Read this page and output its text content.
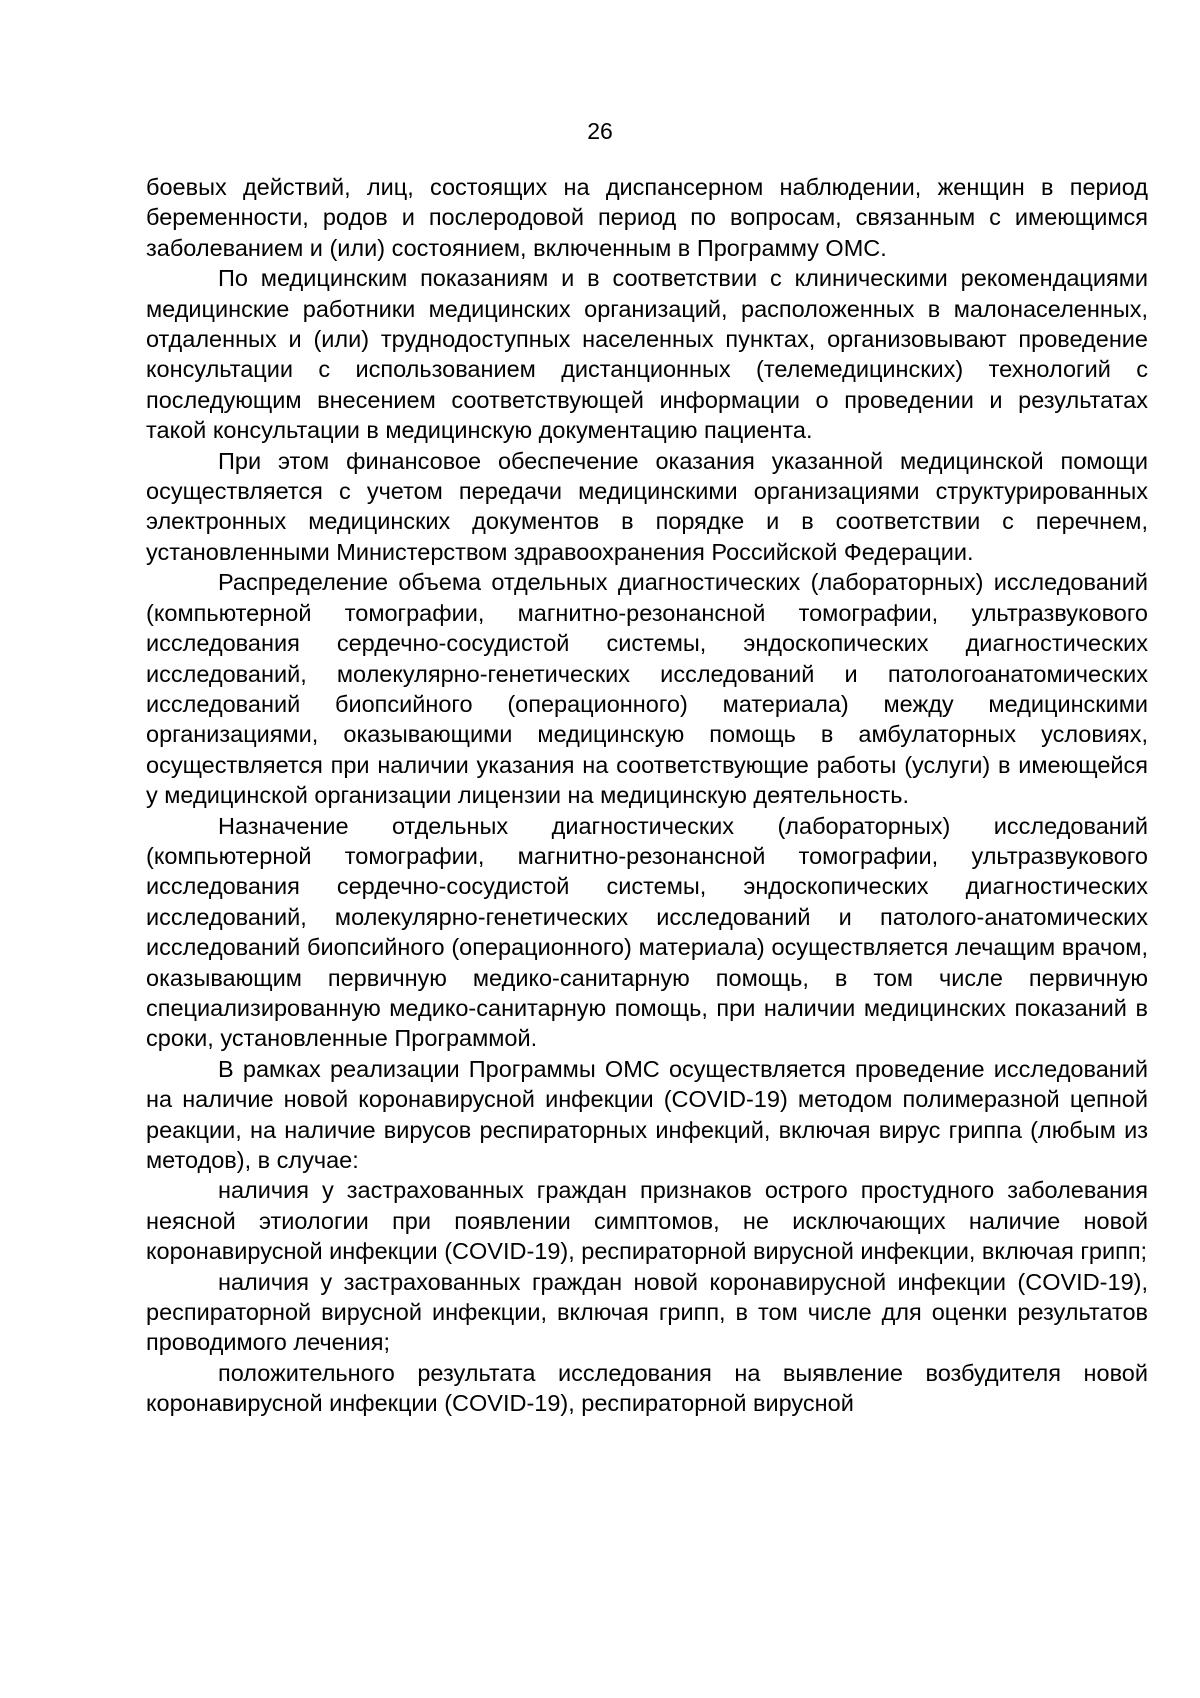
26

боевых действий, лиц, состоящих на диспансерном наблюдении, женщин в период беременности, родов и послеродовой период по вопросам, связанным с имеющимся заболеванием и (или) состоянием, включенным в Программу ОМС.

По медицинским показаниям и в соответствии с клиническими рекомендациями медицинские работники медицинских организаций, расположенных в малонаселенных, отдаленных и (или) труднодоступных населенных пунктах, организовывают проведение консультации с использованием дистанционных (телемедицинских) технологий с последующим внесением соответствующей информации о проведении и результатах такой консультации в медицинскую документацию пациента.

При этом финансовое обеспечение оказания указанной медицинской помощи осуществляется с учетом передачи медицинскими организациями структурированных электронных медицинских документов в порядке и в соответствии с перечнем, установленными Министерством здравоохранения Российской Федерации.

Распределение объема отдельных диагностических (лабораторных) исследований (компьютерной томографии, магнитно-резонансной томографии, ультразвукового исследования сердечно-сосудистой системы, эндоскопических диагностических исследований, молекулярно-генетических исследований и патологоанатомических исследований биопсийного (операционного) материала) между медицинскими организациями, оказывающими медицинскую помощь в амбулаторных условиях, осуществляется при наличии указания на соответствующие работы (услуги) в имеющейся у медицинской организации лицензии на медицинскую деятельность.

Назначение отдельных диагностических (лабораторных) исследований (компьютерной томографии, магнитно-резонансной томографии, ультразвукового исследования сердечно-сосудистой системы, эндоскопических диагностических исследований, молекулярно-генетических исследований и патолого-анатомических исследований биопсийного (операционного) материала) осуществляется лечащим врачом, оказывающим первичную медико-санитарную помощь, в том числе первичную специализированную медико-санитарную помощь, при наличии медицинских показаний в сроки, установленные Программой.

В рамках реализации Программы ОМС осуществляется проведение исследований на наличие новой коронавирусной инфекции (COVID-19) методом полимеразной цепной реакции, на наличие вирусов респираторных инфекций, включая вирус гриппа (любым из методов), в случае:

наличия у застрахованных граждан признаков острого простудного заболевания неясной этиологии при появлении симптомов, не исключающих наличие новой коронавирусной инфекции (COVID-19), респираторной вирусной инфекции, включая грипп;

наличия у застрахованных граждан новой коронавирусной инфекции (COVID-19), респираторной вирусной инфекции, включая грипп, в том числе для оценки результатов проводимого лечения;

положительного результата исследования на выявление возбудителя новой коронавирусной инфекции (COVID-19), респираторной вирусной
